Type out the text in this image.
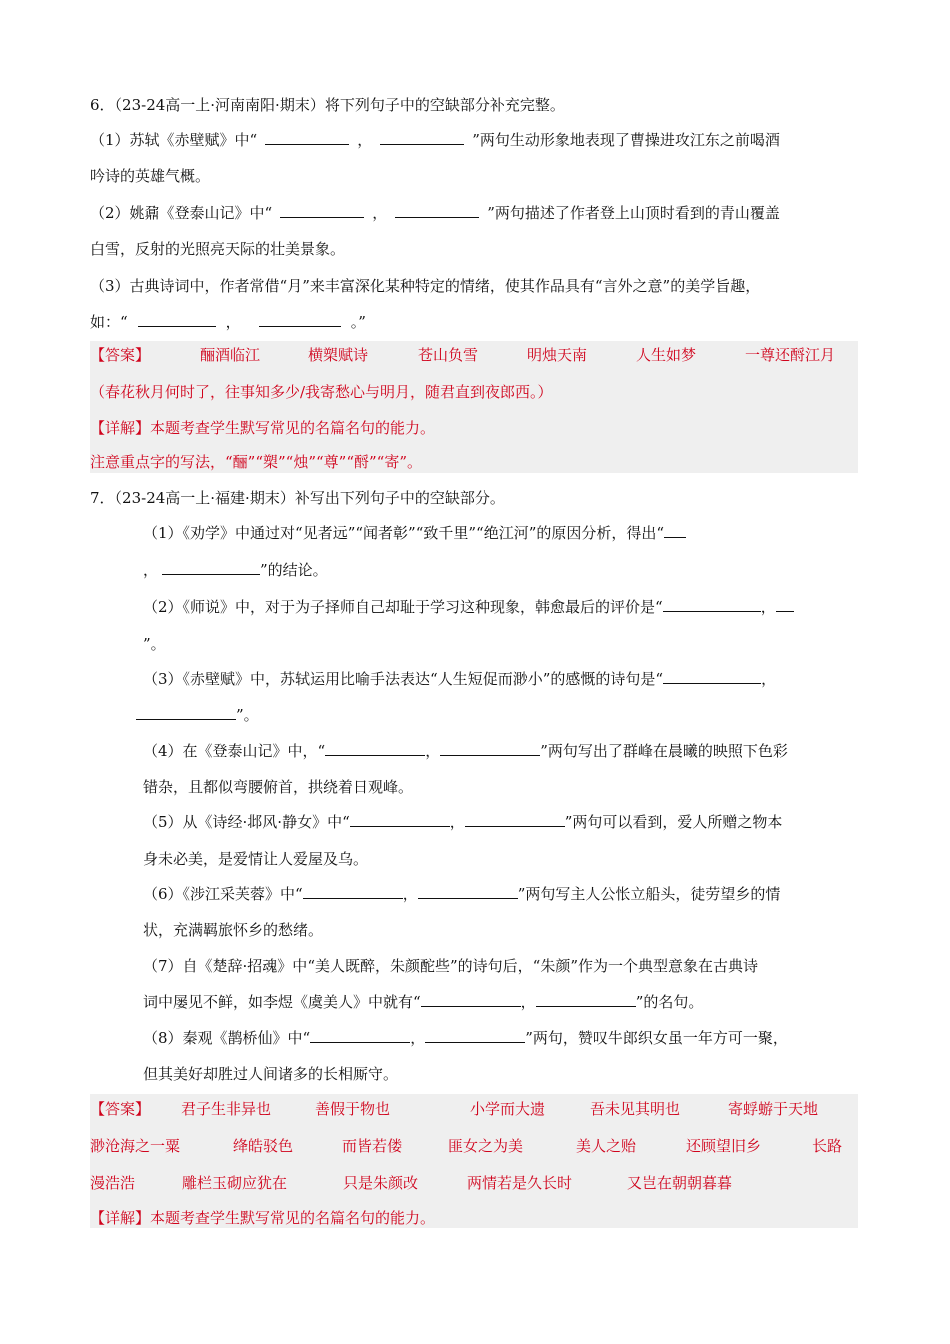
6．（23-24高一上·河南南阳·期末）将下列句子中的空缺部分补充完整。
（1）苏轼《赤壁赋》中“	，	”两句生动形象地表现了曹操进攻江东之前喝酒
吟诗的英雄气概。
（2）姚鼐《登泰山记》中“	，	”两句描述了作者登上山顶时看到的青山覆盖
白雪，反射的光照亮天际的壮美景象。
（3）古典诗词中，作者常借“月”来丰富深化某种特定的情绪，使其作品具有“言外之意”的美学旨趣，
如：“	，	。”
【答案】	酾酒临江	横槊赋诗	苍山负雪	明烛天南	人生如梦	一尊还酹江月
（春花秋月何时了，往事知多少/我寄愁心与明月，随君直到夜郎西。）
【详解】本题考查学生默写常见的名篇名句的能力。
注意重点字的写法，“酾”“槊”“烛”“尊”“酹”“寄”。
7．（23-24高一上·福建·期末）补写出下列句子中的空缺部分。
（1）《劝学》中通过对“见者远”“闻者彰”“致千里”“绝江河”的原因分析，得出“
，	”的结论。
（2）《师说》中，对于为子择师自己却耻于学习这种现象，韩愈最后的评价是“	，
”。
（3）《赤壁赋》中，苏轼运用比喻手法表达“人生短促而渺小”的感慨的诗句是“	，
”。
（4）在《登泰山记》中，“	，	”两句写出了群峰在晨曦的映照下色彩
错杂，且都似弯腰俯首，拱绕着日观峰。
（5）从《诗经·邶风·静女》中“	，	”两句可以看到，爱人所赠之物本
身未必美，是爱情让人爱屋及乌。
（6）《涉江采芙蓉》中“	，	”两句写主人公怅立船头，徒劳望乡的情
状，充满羁旅怀乡的愁绪。
（7）自《楚辞·招魂》中“美人既醉，朱颜酡些”的诗句后，“朱颜”作为一个典型意象在古典诗
词中屡见不鲜，如李煜《虞美人》中就有“	，	”的名句。
（8）秦观《鹊桥仙》中“	，	”两句，赞叹牛郎织女虽一年方可一聚，
但其美好却胜过人间诸多的长相厮守。
【答案】 君子生非异也	善假于物也	小学而大遗	吾未见其明也	寄蜉蝣于天地
渺沧海之一粟	绛皓驳色	而皆若偻	匪女之为美	美人之贻	还顾望旧乡	长路
漫浩浩	雕栏玉砌应犹在	只是朱颜改	两情若是久长时	又岂在朝朝暮暮
【详解】本题考查学生默写常见的名篇名句的能力。
